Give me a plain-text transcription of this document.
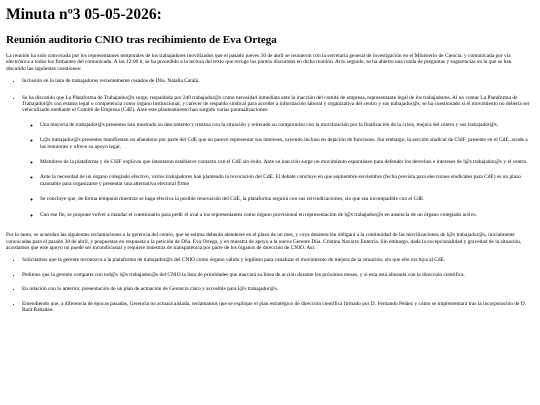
Minuta nº3 05-05-2026:
Reunión auditorio CNIO tras recibimiento de Eva Ortega

La reunión ha sido convocada por los representantes temporales de los trabajadores movilizados que el pasado jueves 30 de abril se reunieron con la secretaría general de investigación en el Ministerio de Ciencia, y comunicada por vía electrónica a todos los firmantes del comunicado. A las 12:00 h, se ha procedido a la lectura del texto que recoge los puntos discutidos en dicha reunión. Acto seguido, se ha abierto una ronda de preguntas y sugerencias en la que se han discutido las siguientes cuestiones:

• Inclusión en la lista de trabajadores recientemente cesados de Dña. Natalia Catalá.
• Se ha discutido que La Plataforma de Trabajador@s surge, respaldada por 240 trabajador@s como necesidad inmediata ante la inacción del comité de empresa, representante legal de los trabajadores. Al no contar La Plataforma de Trabajador@s con estatus legal o competencia como órgano institucional, y carecer de respaldo sindical para acceder a información laboral y organizativa del centro y sus trabajador@s, se ha cuestionado si el movimiento no debería ser vehiculizado mediante el Comité de Empresa (CdE). Ante este planteamiento han surgido varias puntualizaciones:
◦ Una mayoría de trabajador@s presentes han mostrado su descontento y tristeza con la situación y reiterado su compromiso con la movilización por la finalización de la crisis, mejora del centro y sus trabajador@s.
◦ L@s trabajador@s presentes manifiestan un abandono por parte del CdE que no parece representar sus intereses, cayendo incluso en dejación de funciones. Sin embargo, la sección sindical de CSIF, presente en el CdE, acude a las reuniones y ofrece su apoyo legal.
◦ Miembros de la plataforma y de CSIF explican que intentaron establecer contacto con el CdE sin éxito. Ante su inacción surge un movimiento espontáneo para defender los derechos e intereses de l@s trabajador@s y el centro.
◦ Ante la necesidad de un órgano colegiado efectivo, varios trabajadores han planteado la revocación del CdE. El debate concluye en que septiembre-noviembre (fecha prevista para elecciones sindicales para CdE) es un plazo razonable para organizarse y presentar una alternativa electoral firme
◦ Se concluye que, de forma temporal mientras se haga efectiva la posible renovación del CdE, la plataforma seguirá con sus reivindicaciones, sin que sea incompatible con el CdE.
◦ Con ese fin, se propone volver a mandar el cuestionario para pedir el aval a los representantes como órgano provisional en representación de l@s trabajador@s en ausencia de un órgano colegiado activo.

Por lo tanto, se acuerdan las siguientes reclamaciones a la gerencia del centro, que se estima deberán atenderse en el plazo de un mes, y cuya desatención obligará a la continuidad de las movilizaciones de l@s trabajador@s, inicialmente convocadas para el pasado 30 de abril, y pospuestas en respuesta a la petición de Dña. Eva Ortega, y en muestra de apoyo a la nueva Gerente Dña. Cristina Navarro Enterría. Sin embargo, dada la excepcionalidad y gravedad de la situación, acordamos que este apoyo no puede ser incondicional y requiere muestras de transparencia por parte de los órganos de dirección de CNIO. Así:

• Solicitamos que la gerente reconozca a la plataforma de trabajador@s del CNIO como órgano válido y legítimo para canalizar el movimiento de mejora de la situación, sin que ello excluya al CdE.
• Pedimos que la gerente comparta con tod@s l@s trabajador@s del CNIO la lista de prioridades que marcará su línea de acción durante los próximos meses, y si esta está alineada con la dirección científica.
• En relación con lo anterior, presentación de un plan de actuación de Gerencia claro y accesible para l@s trabajador@s.
• Entendiendo que, a diferencia de épocas pasadas, Gerencia no actuará aislada, reclamamos que se explique el plan estratégico de dirección científica firmado por D. Fernando Peláez y cómo se implementará tras la incorporación de D. Raúl Rabadán.
